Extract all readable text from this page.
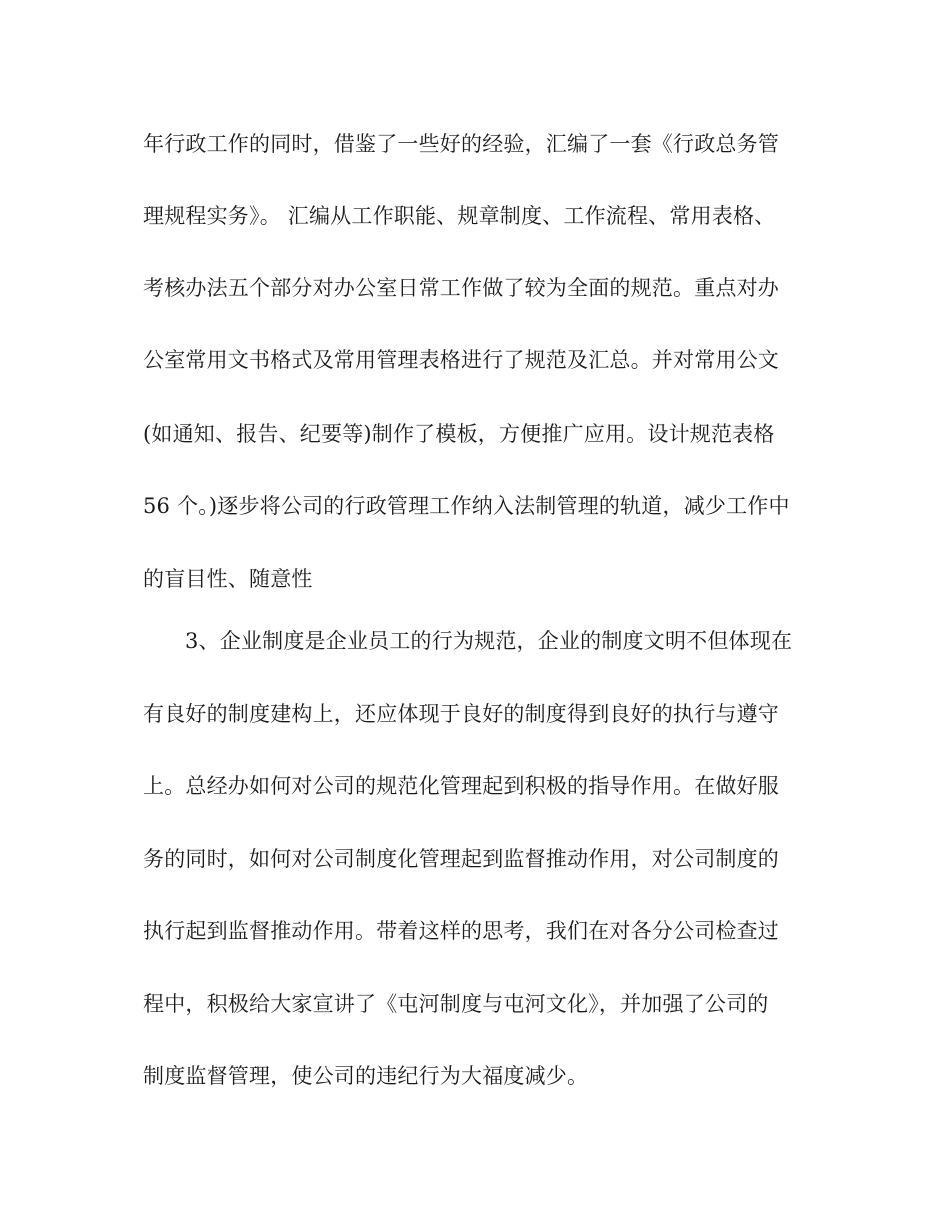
年行政工作的同时，借鉴了一些好的经验，汇编了一套《行政总务管
理规程实务》。 汇编从工作职能、规章制度、工作流程、常用表格、
考核办法五个部分对办公室日常工作做了较为全面的规范。重点对办
公室常用文书格式及常用管理表格进行了规范及汇总。并对常用公文
(如通知、报告、纪要等)制作了模板，方便推广应用。设计规范表格
56 个。)逐步将公司的行政管理工作纳入法制管理的轨道，减少工作中
的盲目性、随意性
3、企业制度是企业员工的行为规范，企业的制度文明不但体现在
有良好的制度建构上，还应体现于良好的制度得到良好的执行与遵守
上。总经办如何对公司的规范化管理起到积极的指导作用。在做好服
务的同时，如何对公司制度化管理起到监督推动作用，对公司制度的
执行起到监督推动作用。带着这样的思考，我们在对各分公司检查过
程中，积极给大家宣讲了《屯河制度与屯河文化》，并加强了公司的
制度监督管理，使公司的违纪行为大福度减少。
